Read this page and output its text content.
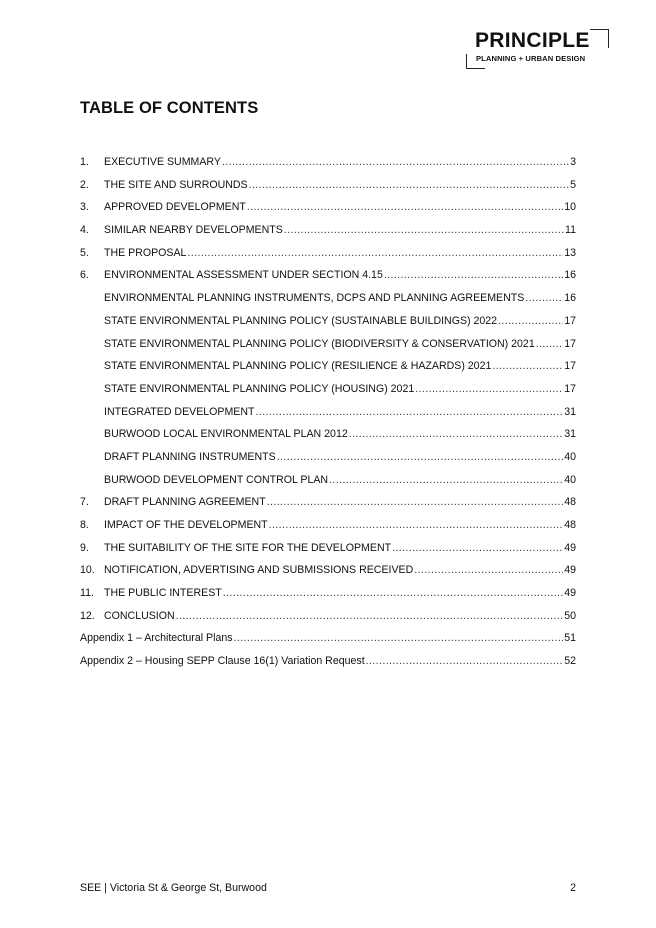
PRINCIPLE
PLANNING + URBAN DESIGN
TABLE OF CONTENTS
1.	EXECUTIVE SUMMARY .....	3
2.	THE SITE AND SURROUNDS .....	5
3.	APPROVED DEVELOPMENT .....	10
4.	SIMILAR NEARBY DEVELOPMENTS .....	11
5.	THE PROPOSAL .....	13
6.	ENVIRONMENTAL ASSESSMENT UNDER SECTION 4.15 .....	16
ENVIRONMENTAL PLANNING INSTRUMENTS, DCPS AND PLANNING AGREEMENTS .....	16
STATE ENVIRONMENTAL PLANNING POLICY (SUSTAINABLE BUILDINGS) 2022 .....	17
STATE ENVIRONMENTAL PLANNING POLICY (BIODIVERSITY & CONSERVATION) 2021 .....	17
STATE ENVIRONMENTAL PLANNING POLICY (RESILIENCE & HAZARDS) 2021 .....	17
STATE ENVIRONMENTAL PLANNING POLICY (HOUSING) 2021 .....	17
INTEGRATED DEVELOPMENT .....	31
BURWOOD LOCAL ENVIRONMENTAL PLAN 2012 .....	31
DRAFT PLANNING INSTRUMENTS .....	40
BURWOOD DEVELOPMENT CONTROL PLAN .....	40
7.	DRAFT PLANNING AGREEMENT .....	48
8.	IMPACT OF THE DEVELOPMENT .....	48
9.	THE SUITABILITY OF THE SITE FOR THE DEVELOPMENT .....	49
10. NOTIFICATION, ADVERTISING AND SUBMISSIONS RECEIVED .....	49
11. THE PUBLIC INTEREST .....	49
12. CONCLUSION .....	50
Appendix 1 – Architectural Plans .....	51
Appendix 2 – Housing SEPP Clause 16(1) Variation Request .....	52
SEE | Victoria St & George St, Burwood	2
